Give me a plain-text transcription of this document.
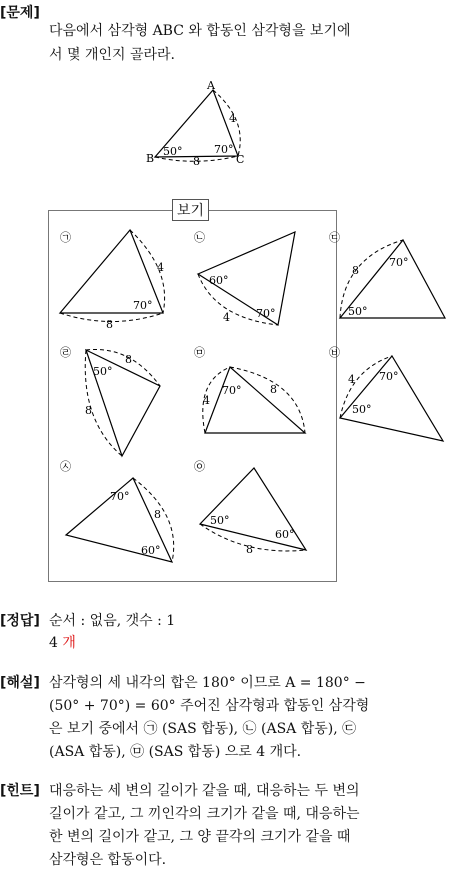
[문제]
다음에서 삼각형 ABC 와 합동인 삼각형을 보기에
서 몇 개인지 골라라.
보기
A
B	C
4
50°	70°
8
㉠
4
70°
8
㉡
60°
4 70°
㉢
70°
8
50°
㉣
8
50°
8
㉤
70°
4
8
㉥
4 70°
50°
㉦
70°
8
60°
㉧
50°
60°
8
[정답] 순서 : 없음, 갯수 : 1
4 개
[해설] 삼각형의 세 내각의 합은 180° 이므로 A = 180° −
(50° + 70°) = 60° 주어진 삼각형과 합동인 삼각형
은 보기 중에서 ㉠ (SAS 합동), ㉡ (ASA 합동), ㉢
(ASA 합동), ㉤ (SAS 합동) 으로 4 개다.
[힌트] 대응하는 세 변의 길이가 같을 때, 대응하는 두 변의
길이가 같고, 그 끼인각의 크기가 같을 때, 대응하는
한 변의 길이가 같고, 그 양 끝각의 크기가 같을 때
삼각형은 합동이다.
